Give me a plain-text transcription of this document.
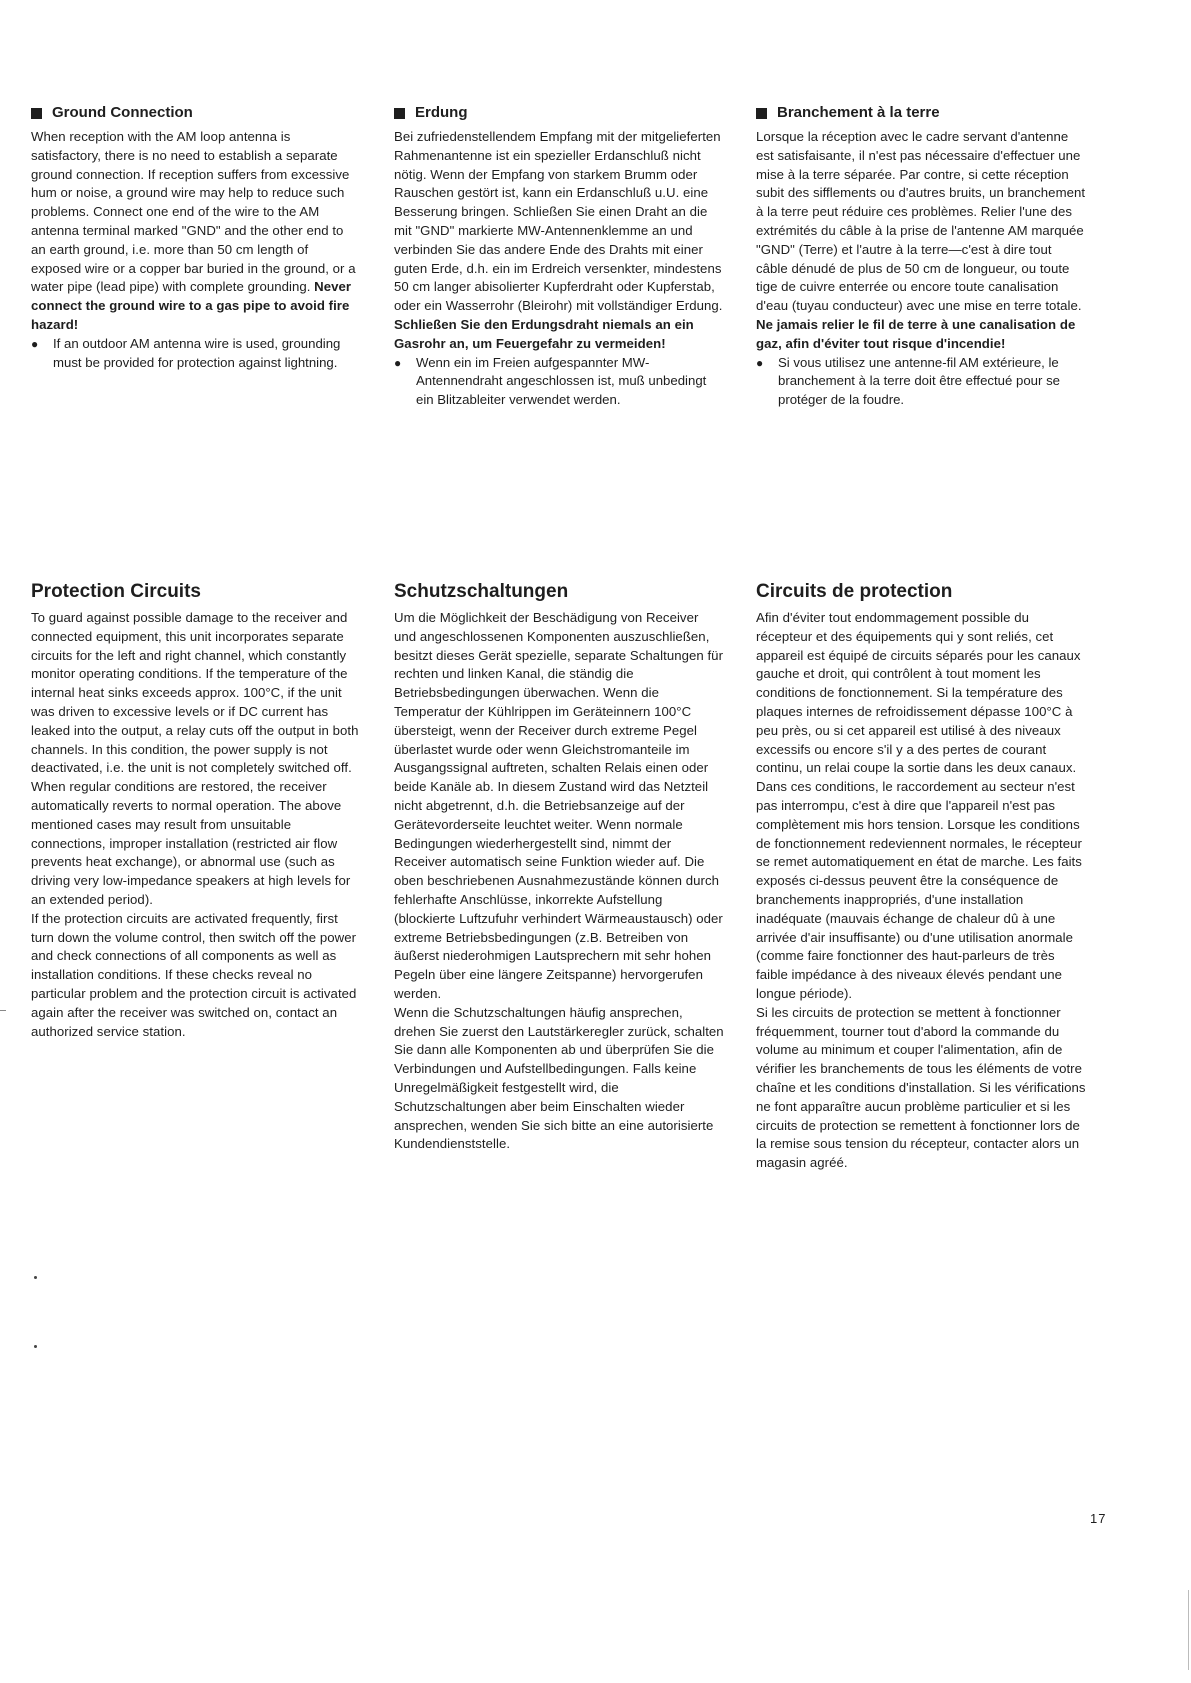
Ground Connection

When reception with the AM loop antenna is satisfactory, there is no need to establish a separate ground connection. If reception suffers from excessive hum or noise, a ground wire may help to reduce such problems. Connect one end of the wire to the AM antenna terminal marked "GND" and the other end to an earth ground, i.e. more than 50 cm length of exposed wire or a copper bar buried in the ground, or a water pipe (lead pipe) with complete grounding. Never connect the ground wire to a gas pipe to avoid fire hazard!

●	If an outdoor AM antenna wire is used, grounding must be provided for protection against lightning.
Erdung

Bei zufriedenstellendem Empfang mit der mitgelieferten Rahmenantenne ist ein spezieller Erdanschluß nicht nötig. Wenn der Empfang von starkem Brumm oder Rauschen gestört ist, kann ein Erdanschluß u.U. eine Besserung bringen. Schließen Sie einen Draht an die mit "GND" markierte MW-Antennenklemme an und verbinden Sie das andere Ende des Drahts mit einer guten Erde, d.h. ein im Erdreich versenkter, mindestens 50 cm langer abisolierter Kupferdraht oder Kupferstab, oder ein Wasserrohr (Bleirohr) mit vollständiger Erdung. Schließen Sie den Erdungsdraht niemals an ein Gasrohr an, um Feuergefahr zu vermeiden!

●	Wenn ein im Freien aufgespannter MW-Antennendraht angeschlossen ist, muß unbedingt ein Blitzableiter verwendet werden.
Branchement à la terre

Lorsque la réception avec le cadre servant d'antenne est satisfaisante, il n'est pas nécessaire d'effectuer une mise à la terre séparée. Par contre, si cette réception subit des sifflements ou d'autres bruits, un branchement à la terre peut réduire ces problèmes. Relier l'une des extrémités du câble à la prise de l'antenne AM marquée "GND" (Terre) et l'autre à la terre—c'est à dire tout câble dénudé de plus de 50 cm de longueur, ou toute tige de cuivre enterrée ou encore toute canalisation d'eau (tuyau conducteur) avec une mise en terre totale. Ne jamais relier le fil de terre à une canalisation de gaz, afin d'éviter tout risque d'incendie!

●	Si vous utilisez une antenne-fil AM extérieure, le branchement à la terre doit être effectué pour se protéger de la foudre.
Protection Circuits

To guard against possible damage to the receiver and connected equipment, this unit incorporates separate circuits for the left and right channel, which constantly monitor operating conditions. If the temperature of the internal heat sinks exceeds approx. 100°C, if the unit was driven to excessive levels or if DC current has leaked into the output, a relay cuts off the output in both channels. In this condition, the power supply is not deactivated, i.e. the unit is not completely switched off. When regular conditions are restored, the receiver automatically reverts to normal operation. The above mentioned cases may result from unsuitable connections, improper installation (restricted air flow prevents heat exchange), or abnormal use (such as driving very low-impedance speakers at high levels for an extended period).

If the protection circuits are activated frequently, first turn down the volume control, then switch off the power and check connections of all components as well as installation conditions. If these checks reveal no particular problem and the protection circuit is activated again after the receiver was switched on, contact an authorized service station.

Schutzschaltungen

Um die Möglichkeit der Beschädigung von Receiver und angeschlossenen Komponenten auszuschließen, besitzt dieses Gerät spezielle, separate Schaltungen für rechten und linken Kanal, die ständig die Betriebsbedingungen überwachen. Wenn die Temperatur der Kühlrippen im Geräteinnern 100°C übersteigt, wenn der Receiver durch extreme Pegel überlastet wurde oder wenn Gleichstromanteile im Ausgangssignal auftreten, schalten Relais einen oder beide Kanäle ab. In diesem Zustand wird das Netzteil nicht abgetrennt, d.h. die Betriebsanzeige auf der Gerätevorderseite leuchtet weiter. Wenn normale Bedingungen wiederhergestellt sind, nimmt der Receiver automatisch seine Funktion wieder auf. Die oben beschriebenen Ausnahmezustände können durch fehlerhafte Anschlüsse, inkorrekte Aufstellung (blockierte Luftzufuhr verhindert Wärmeaustausch) oder extreme Betriebsbedingungen (z.B. Betreiben von äußerst niederohmigen Lautsprechern mit sehr hohen Pegeln über eine längere Zeitspanne) hervorgerufen werden.

Wenn die Schutzschaltungen häufig ansprechen, drehen Sie zuerst den Lautstärkeregler zurück, schalten Sie dann alle Komponenten ab und überprüfen Sie die Verbindungen und Aufstellbedingungen. Falls keine Unregelmäßigkeit festgestellt wird, die Schutzschaltungen aber beim Einschalten wieder ansprechen, wenden Sie sich bitte an eine autorisierte Kundendienststelle.

Circuits de protection

Afin d'éviter tout endommagement possible du récepteur et des équipements qui y sont reliés, cet appareil est équipé de circuits séparés pour les canaux gauche et droit, qui contrôlent à tout moment les conditions de fonctionnement. Si la température des plaques internes de refroidissement dépasse 100°C à peu près, ou si cet appareil est utilisé à des niveaux excessifs ou encore s'il y a des pertes de courant continu, un relai coupe la sortie dans les deux canaux. Dans ces conditions, le raccordement au secteur n'est pas interrompu, c'est à dire que l'appareil n'est pas complètement mis hors tension. Lorsque les conditions de fonctionnement redeviennent normales, le récepteur se remet automatiquement en état de marche. Les faits exposés ci-dessus peuvent être la conséquence de branchements inappropriés, d'une installation inadéquate (mauvais échange de chaleur dû à une arrivée d'air insuffisante) ou d'une utilisation anormale (comme faire fonctionner des haut-parleurs de très faible impédance à des niveaux élevés pendant une longue période).

Si les circuits de protection se mettent à fonctionner fréquemment, tourner tout d'abord la commande du volume au minimum et couper l'alimentation, afin de vérifier les branchements de tous les éléments de votre chaîne et les conditions d'installation. Si les vérifications ne font apparaître aucun problème particulier et si les circuits de protection se remettent à fonctionner lors de la remise sous tension du récepteur, contacter alors un magasin agréé.

17
